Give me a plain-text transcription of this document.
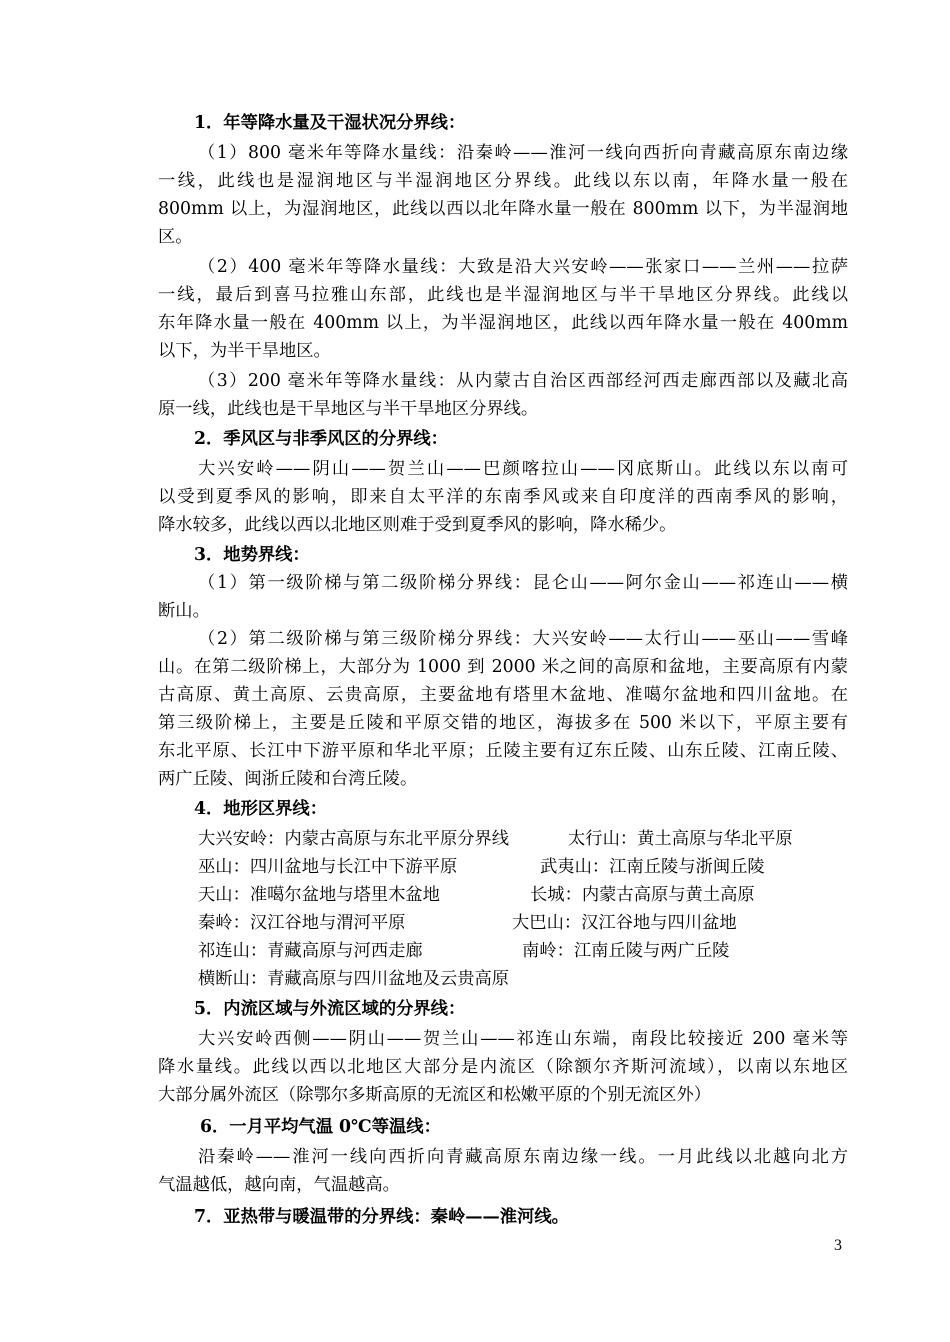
1．年等降水量及干湿状况分界线：
（1）800 毫米年等降水量线：沿秦岭——淮河一线向西折向青藏高原东南边缘
一线，此线也是湿润地区与半湿润地区分界线。此线以东以南，年降水量一般在
800mm 以上，为湿润地区，此线以西以北年降水量一般在 800mm 以下，为半湿润地
区。
（2）400 毫米年等降水量线：大致是沿大兴安岭——张家口——兰州——拉萨
一线，最后到喜马拉雅山东部，此线也是半湿润地区与半干旱地区分界线。此线以
东年降水量一般在 400mm 以上，为半湿润地区，此线以西年降水量一般在 400mm
以下，为半干旱地区。
（3）200 毫米年等降水量线：从内蒙古自治区西部经河西走廊西部以及藏北高
原一线，此线也是干旱地区与半干旱地区分界线。
2．季风区与非季风区的分界线：
大兴安岭——阴山——贺兰山——巴颜喀拉山——冈底斯山。此线以东以南可
以受到夏季风的影响，即来自太平洋的东南季风或来自印度洋的西南季风的影响，
降水较多，此线以西以北地区则难于受到夏季风的影响，降水稀少。
3．地势界线：
（1）第一级阶梯与第二级阶梯分界线：昆仑山——阿尔金山——祁连山——横
断山。
（2）第二级阶梯与第三级阶梯分界线：大兴安岭——太行山——巫山——雪峰
山。在第二级阶梯上，大部分为 1000 到 2000 米之间的高原和盆地，主要高原有内蒙
古高原、黄土高原、云贵高原，主要盆地有塔里木盆地、准噶尔盆地和四川盆地。在
第三级阶梯上，主要是丘陵和平原交错的地区，海拔多在 500 米以下，平原主要有
东北平原、长江中下游平原和华北平原；丘陵主要有辽东丘陵、山东丘陵、江南丘陵、
两广丘陵、闽浙丘陵和台湾丘陵。
4．地形区界线：
大兴安岭：内蒙古高原与东北平原分界线	太行山：黄土高原与华北平原
巫山：四川盆地与长江中下游平原	武夷山：江南丘陵与浙闽丘陵
天山：准噶尔盆地与塔里木盆地	长城：内蒙古高原与黄土高原
秦岭：汉江谷地与渭河平原	大巴山：汉江谷地与四川盆地
祁连山：青藏高原与河西走廊	南岭：江南丘陵与两广丘陵
横断山：青藏高原与四川盆地及云贵高原
5．内流区域与外流区域的分界线：
大兴安岭西侧——阴山——贺兰山——祁连山东端，南段比较接近 200 毫米等
降水量线。此线以西以北地区大部分是内流区（除额尔齐斯河流域），以南以东地区
大部分属外流区（除鄂尔多斯高原的无流区和松嫩平原的个别无流区外）
6．一月平均气温 0℃等温线：
沿秦岭——淮河一线向西折向青藏高原东南边缘一线。一月此线以北越向北方
气温越低，越向南，气温越高。
7．亚热带与暖温带的分界线：秦岭——淮河线。
3
